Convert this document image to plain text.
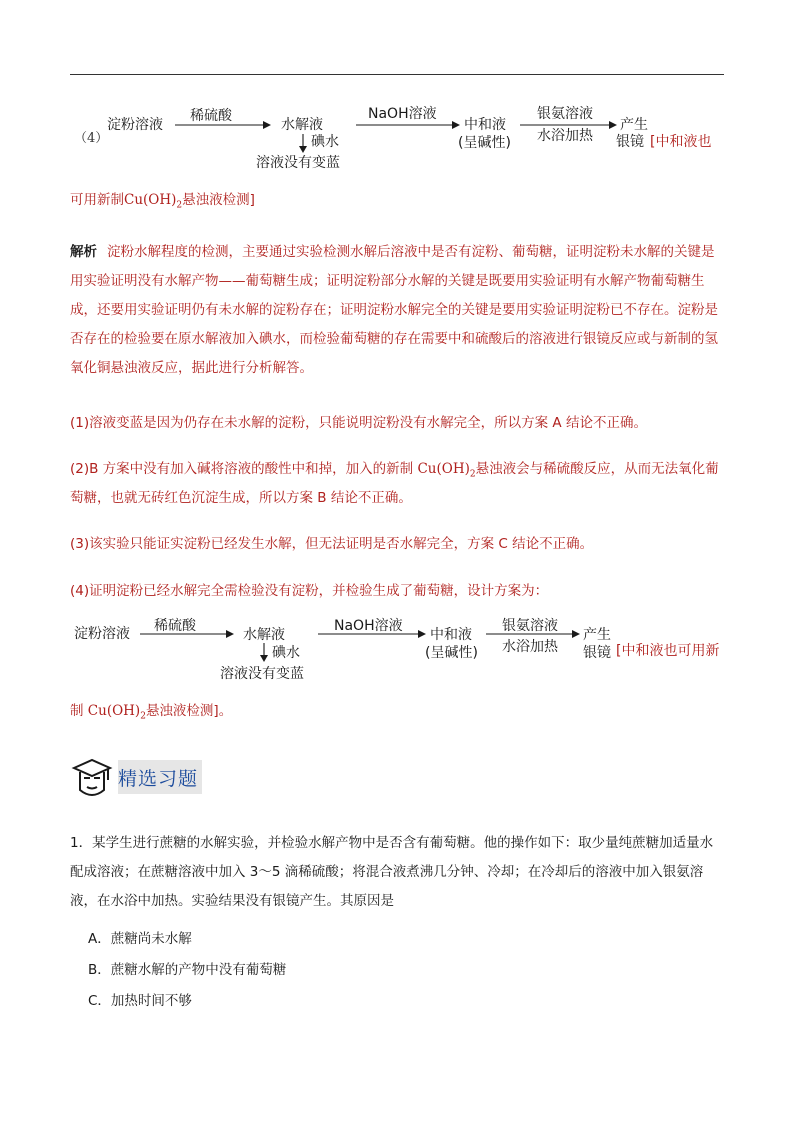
（4）
淀粉溶液
稀硫酸
水解液
碘水
溶液没有变蓝
NaOH溶液
中和液
(呈碱性)
银氨溶液
水浴加热
产生
银镜 [中和液也
淀粉溶液 稀硫酸
水解液
碘水
溶液没有变蓝
NaOH溶液
中和液
(呈碱性)
银氨溶液
水浴加热
产生
银镜 [中和液也可用新
可用新制$Cu(OH)_2$悬浊液检测]
解析 淀粉水解程度的检测，主要通过实验检测水解后溶液中是否有淀粉、葡萄糖，证明淀粉未水解的关键是用实验证明没有水解产物——葡萄糖生成；证明淀粉部分水解的关键是既要用实验证明有水解产物葡萄糖生成，还要用实验证明仍有未水解的淀粉存在；证明淀粉水解完全的关键是要用实验证明淀粉已不存在。淀粉是否存在的检验要在原水解液加入碘水，而检验葡萄糖的存在需要中和硫酸后的溶液进行银镜反应或与新制的氢氧化铜悬浊液反应，据此进行分析解答。
(1)溶液变蓝是因为仍存在未水解的淀粉，只能说明淀粉没有水解完全，所以方案 A 结论不正确。
(2)B 方案中没有加入碱将溶液的酸性中和掉，加入的新制 $Cu(OH)_2$悬浊液会与稀硫酸反应，从而无法氧化葡萄糖，也就无砖红色沉淀生成，所以方案 B 结论不正确。
(3)该实验只能证实淀粉已经发生水解，但无法证明是否水解完全，方案 C 结论不正确。
(4)证明淀粉已经水解完全需检验没有淀粉，并检验生成了葡萄糖，设计方案为：
制 $Cu(OH)_2$悬浊液检测]。
精选习题
1．某学生进行蔗糖的水解实验，并检验水解产物中是否含有葡萄糖。他的操作如下：取少量纯蔗糖加适量水配成溶液；在蔗糖溶液中加入 3～5 滴稀硫酸；将混合液煮沸几分钟、冷却；在冷却后的溶液中加入银氨溶液，在水浴中加热。实验结果没有银镜产生。其原因是
A．蔗糖尚未水解
B．蔗糖水解的产物中没有葡萄糖
C．加热时间不够
